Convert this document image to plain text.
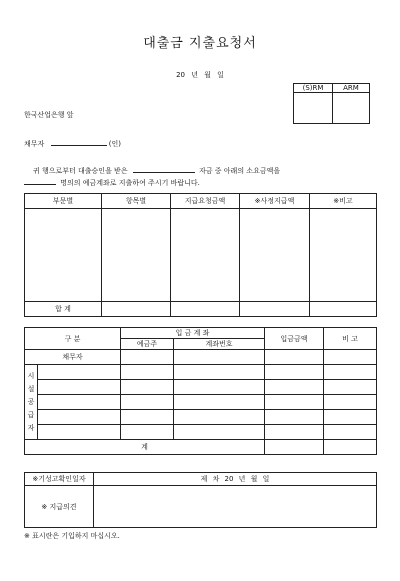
대출금 지출요청서
20 년 월 일
(S)RM	ARM

한국산업은행 앞
채무자	(인)
귀 행으로부터 대출승인을 받은	자금 중 아래의 소요금액을
명의의 예금계좌로 지출하여 주시기 바랍니다.
부문별	항목별	지급요청금액	※사정지급액	※비고

합 계				
구 분		입 금 계 좌		입금금액	비 고
		예금주	계좌번호		
채무자					

시
설
공
급
자					

계					
※기성고확인일자	제 차 20 년 월 일
※ 지급의견	
※ 표시란은 기입하지 마십시오.
